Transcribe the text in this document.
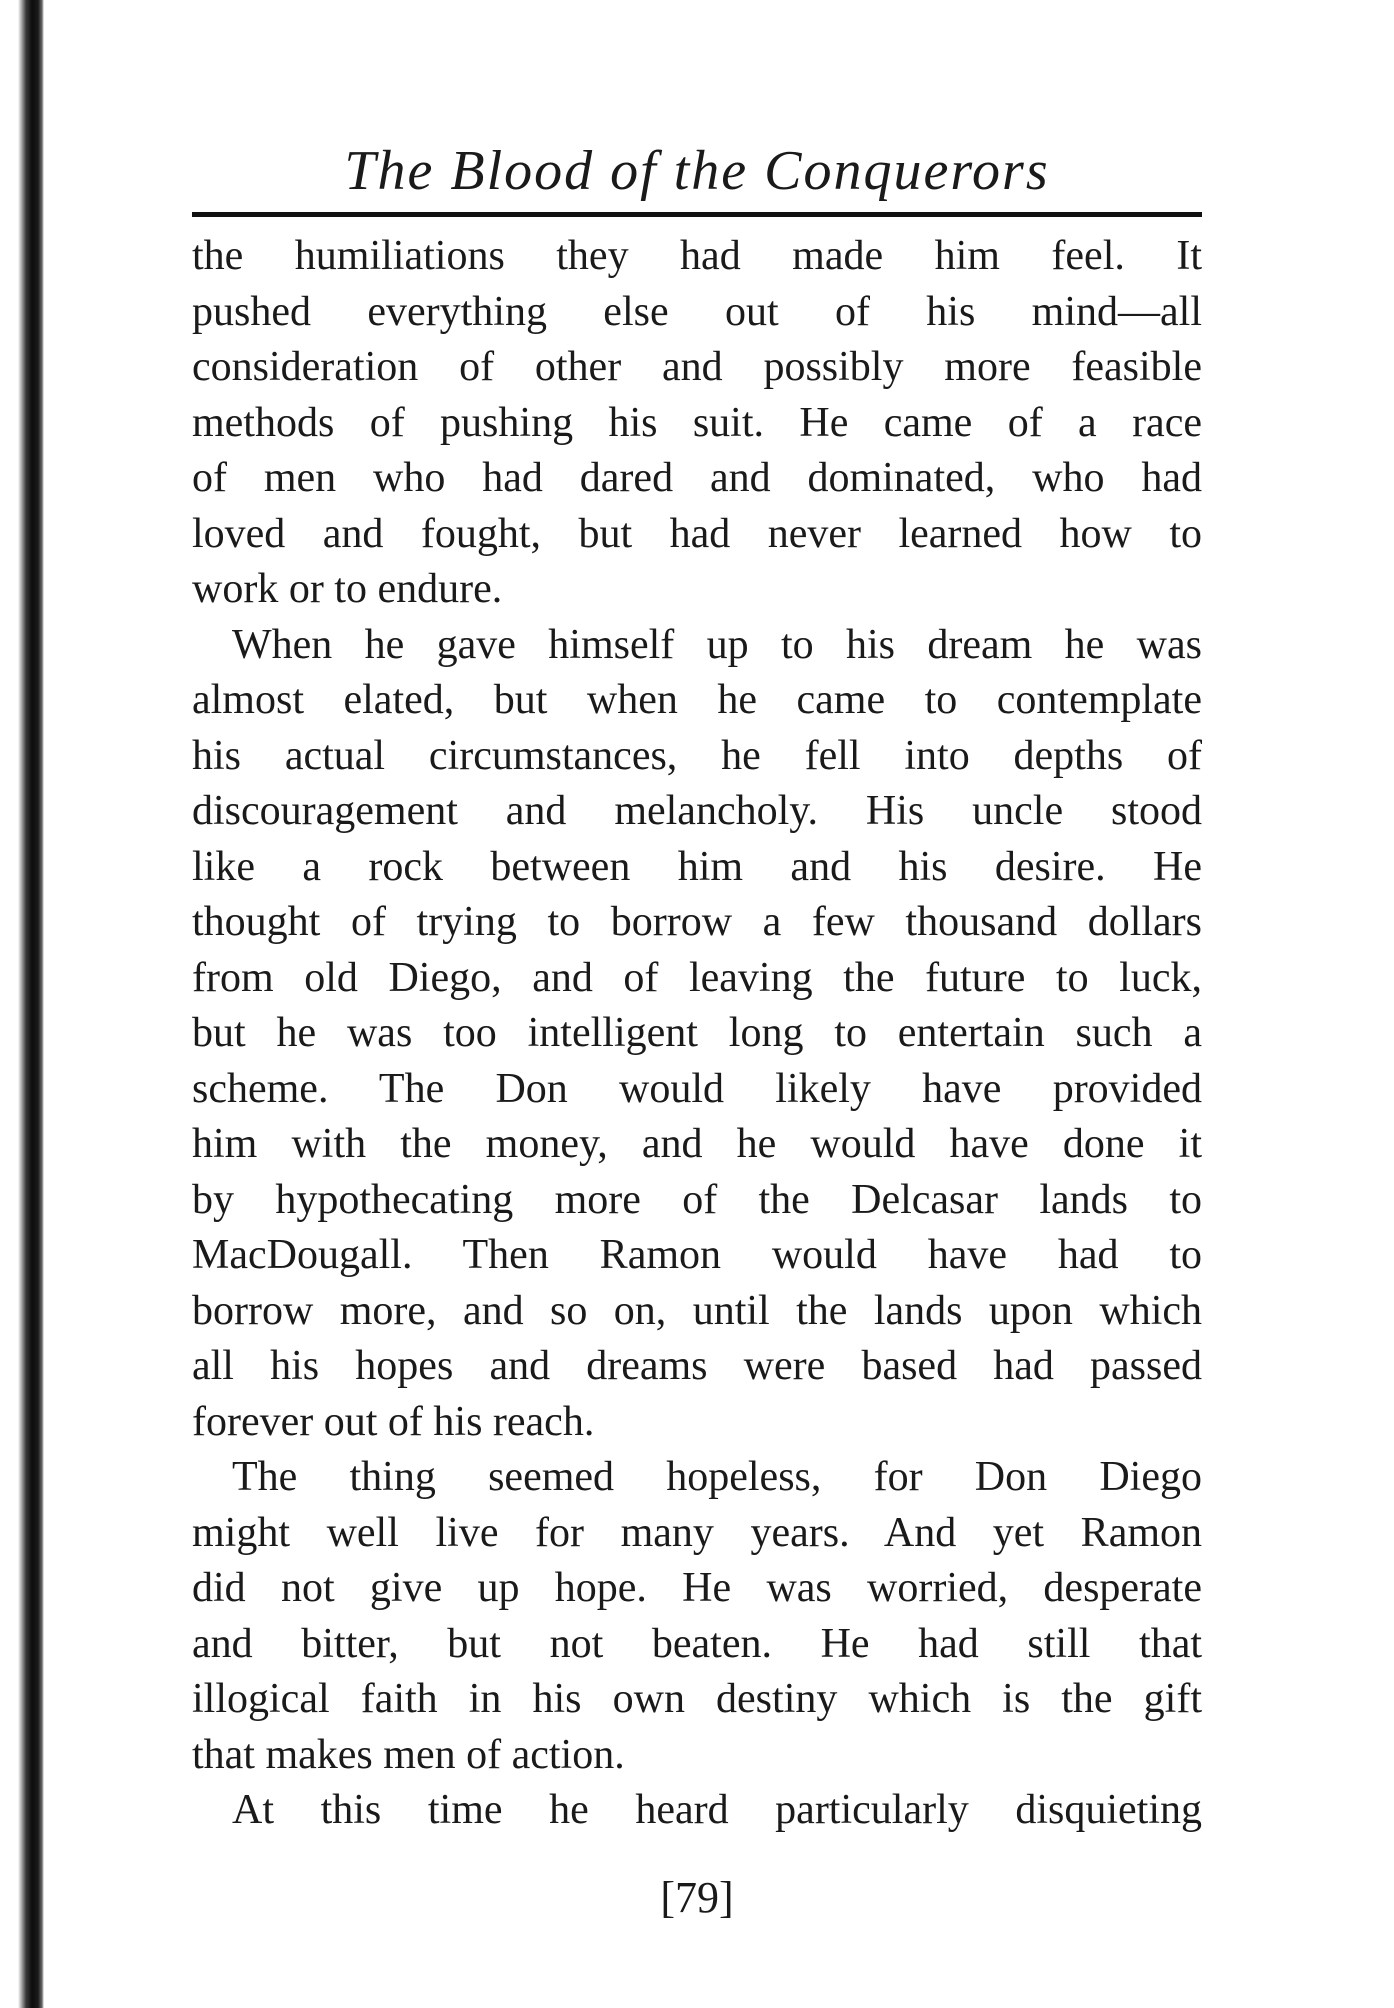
The Blood of the Conquerors
the humiliations they had made him feel. It
pushed everything else out of his mind—all
consideration of other and possibly more feasible
methods of pushing his suit. He came of a race
of men who had dared and dominated, who had
loved and fought, but had never learned how to
work or to endure.
When he gave himself up to his dream he was
almost elated, but when he came to contemplate
his actual circumstances, he fell into depths of
discouragement and melancholy. His uncle stood
like a rock between him and his desire. He
thought of trying to borrow a few thousand dollars
from old Diego, and of leaving the future to luck,
but he was too intelligent long to entertain such a
scheme. The Don would likely have provided
him with the money, and he would have done it
by hypothecating more of the Delcasar lands to
MacDougall. Then Ramon would have had to
borrow more, and so on, until the lands upon which
all his hopes and dreams were based had passed
forever out of his reach.
The thing seemed hopeless, for Don Diego
might well live for many years. And yet Ramon
did not give up hope. He was worried, desperate
and bitter, but not beaten. He had still that
illogical faith in his own destiny which is the gift
that makes men of action.
At this time he heard particularly disquieting
[79]
